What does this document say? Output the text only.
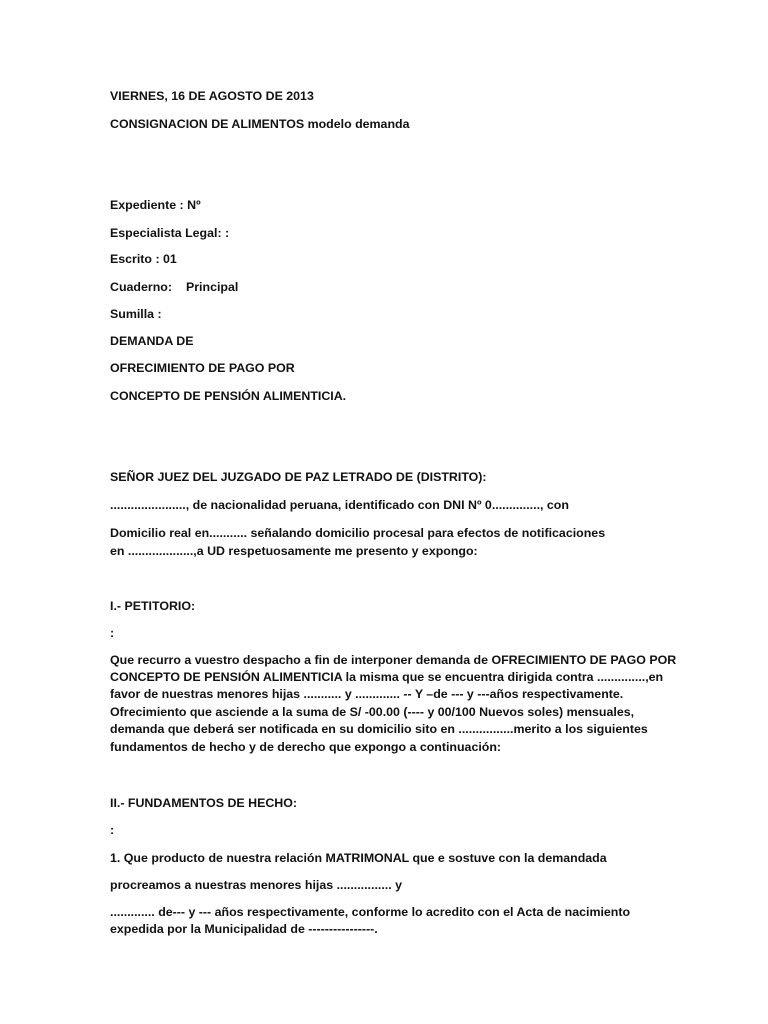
VIERNES, 16 DE AGOSTO DE 2013
CONSIGNACION DE ALIMENTOS modelo demanda
Expediente : Nº
Especialista Legal: :
Escrito : 01
Cuaderno: Principal
Sumilla :
DEMANDA DE
OFRECIMIENTO DE PAGO POR
CONCEPTO DE PENSIÓN ALIMENTICIA.
SEÑOR JUEZ DEL JUZGADO DE PAZ LETRADO DE (DISTRITO):
......................, de nacionalidad peruana, identificado con DNI Nº 0.............., con
Domicilio real en........... señalando domicilio procesal para efectos de notificaciones
en ...................,a UD respetuosamente me presento y expongo:
I.- PETITORIO:
:
Que recurro a vuestro despacho a fin de interponer demanda de OFRECIMIENTO DE PAGO POR
CONCEPTO DE PENSIÓN ALIMENTICIA la misma que se encuentra dirigida contra ..............,en
favor de nuestras menores hijas ........... y ............. -- Y –de --- y ---años respectivamente.
Ofrecimiento que asciende a la suma de S/ -00.00 (---- y 00/100 Nuevos soles) mensuales,
demanda que deberá ser notificada en su domicilio sito en ................merito a los siguientes
fundamentos de hecho y de derecho que expongo a continuación:
II.- FUNDAMENTOS DE HECHO:
:
1. Que producto de nuestra relación MATRIMONAL que e sostuve con la demandada
procreamos a nuestras menores hijas ................ y
............. de--- y --- años respectivamente, conforme lo acredito con el Acta de nacimiento
expedida por la Municipalidad de ----------------.
